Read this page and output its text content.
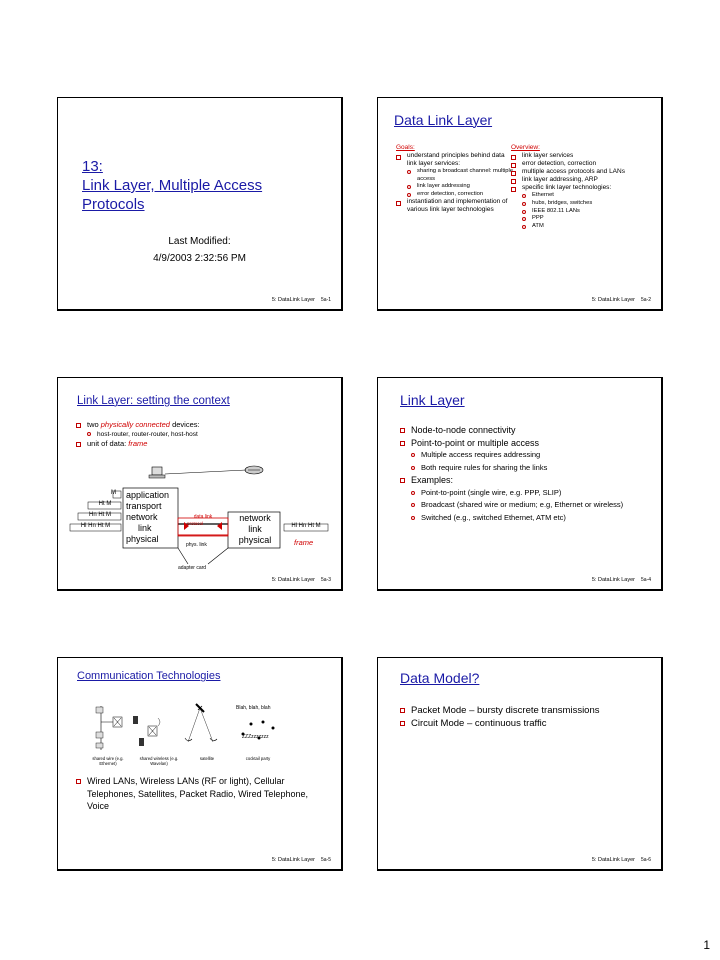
13:
Link Layer, Multiple Access
Protocols
Last Modified:
4/9/2003 2:32:56 PM
5: DataLink Layer 5a-1
Data Link Layer
Goals:
understand principles behind data link layer services:
sharing a broadcast channel: multiple access
link layer addressing
error detection, correction
instantiation and implementation of various link layer technologies
Overview:
link layer services
error detection, correction
multiple access protocols and LANs
link layer addressing, ARP
specific link layer technologies:
Ethernet
hubs, bridges, switches
IEEE 802.11 LANs
PPP
ATM
5: DataLink Layer 5a-2
Link Layer: setting the context
two physically connected devices:
host-router, router-router, host-host
unit of data: frame
application
transport
network
link
physical
network
link
physical
M
Ht M
Hn Ht M
Hl Hn Ht M	Hl Hn Ht M
data link
protocol
frame
phys. link
adapter card
5: DataLink Layer 5a-3
Link Layer
Node-to-node connectivity
Point-to-point or multiple access
Multiple access requires addressing
Both require rules for sharing the links
Examples:
Point-to-point (single wire, e.g. PPP, SLIP)
Broadcast (shared wire or medium; e.g, Ethernet or wireless)
Switched (e.g., switched Ethernet, ATM etc)
5: DataLink Layer 5a-4
Communication Technologies
Blah, blah, blah
ZZZzzzzzzz
shared wire (e.g. Ethernet)
shared wireless (e.g. Wavelan)
satellite	cocktail party
Wired LANs, Wireless LANs (RF or light), Cellular Telephones, Satellites, Packet Radio, Wired Telephone, Voice
5: DataLink Layer 5a-5
Data Model?
Packet Mode – bursty discrete transmissions
Circuit Mode – continuous traffic
5: DataLink Layer 5a-6
1
